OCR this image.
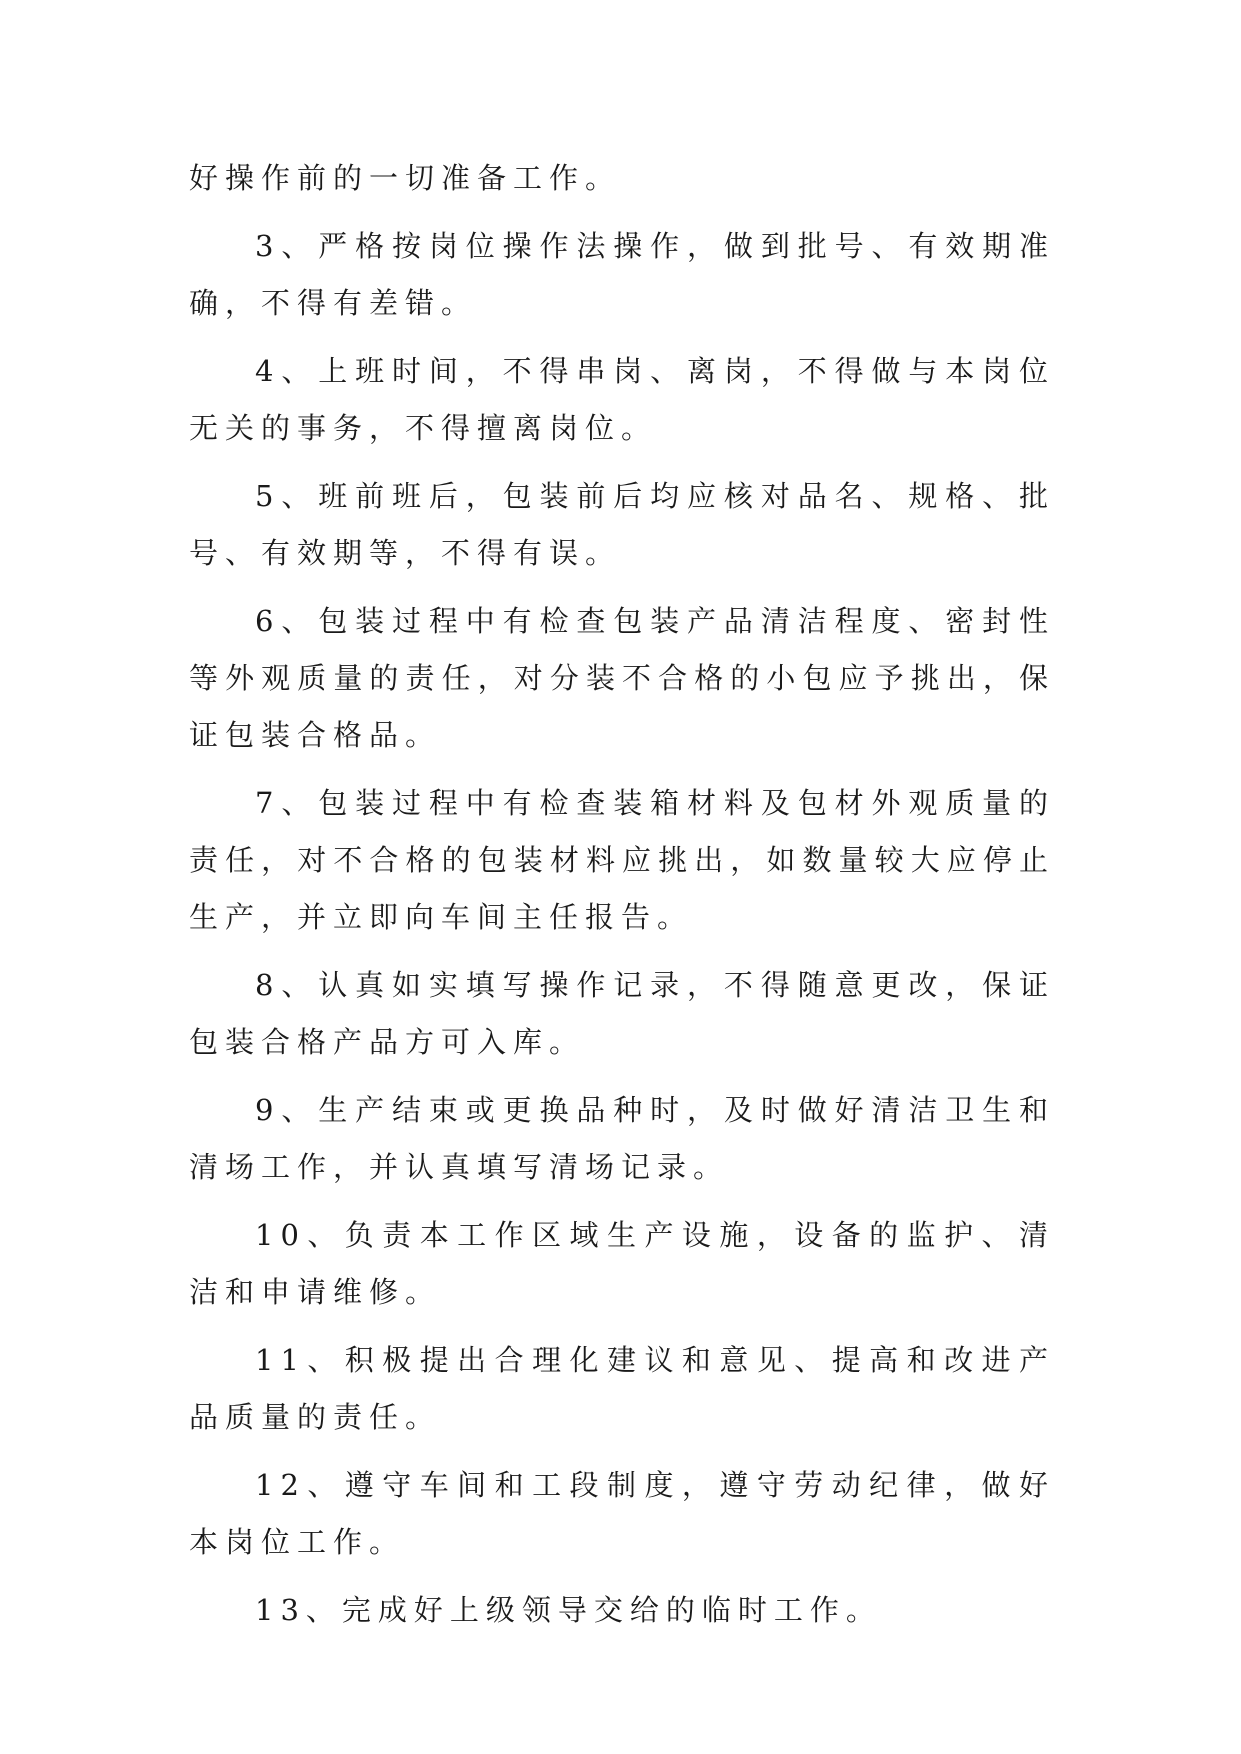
好操作前的一切准备工作。

3、严格按岗位操作法操作，做到批号、有效期准确，不得有差错。

4、上班时间，不得串岗、离岗，不得做与本岗位无关的事务，不得擅离岗位。

5、班前班后，包装前后均应核对品名、规格、批号、有效期等，不得有误。

6、包装过程中有检查包装产品清洁程度、密封性等外观质量的责任，对分装不合格的小包应予挑出，保证包装合格品。

7、包装过程中有检查装箱材料及包材外观质量的责任，对不合格的包装材料应挑出，如数量较大应停止生产，并立即向车间主任报告。

8、认真如实填写操作记录，不得随意更改，保证包装合格产品方可入库。

9、生产结束或更换品种时，及时做好清洁卫生和清场工作，并认真填写清场记录。

10、负责本工作区域生产设施，设备的监护、清洁和申请维修。

11、积极提出合理化建议和意见、提高和改进产品质量的责任。

12、遵守车间和工段制度，遵守劳动纪律，做好本岗位工作。

13、完成好上级领导交给的临时工作。
